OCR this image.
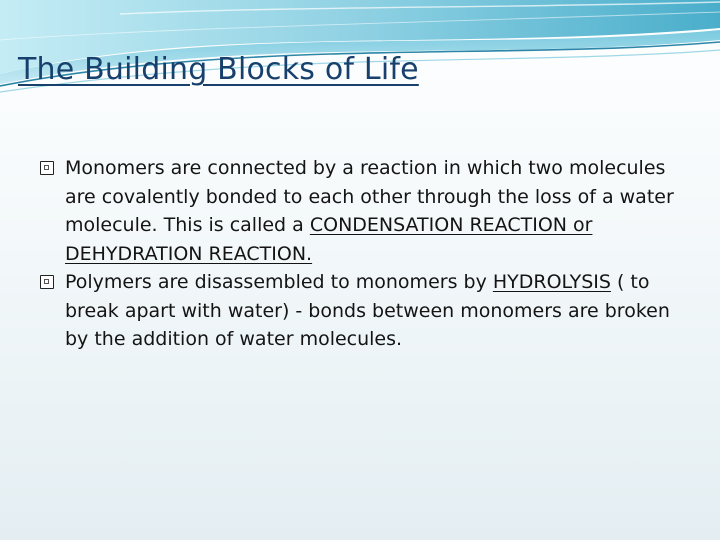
The Building Blocks of Life

Monomers are connected by a reaction in which two molecules are covalently bonded to each other through the loss of a water molecule. This is called a CONDENSATION REACTION or DEHYDRATION REACTION.

Polymers are disassembled to monomers by HYDROLYSIS ( to break apart with water) - bonds between monomers are broken by the addition of water molecules.
